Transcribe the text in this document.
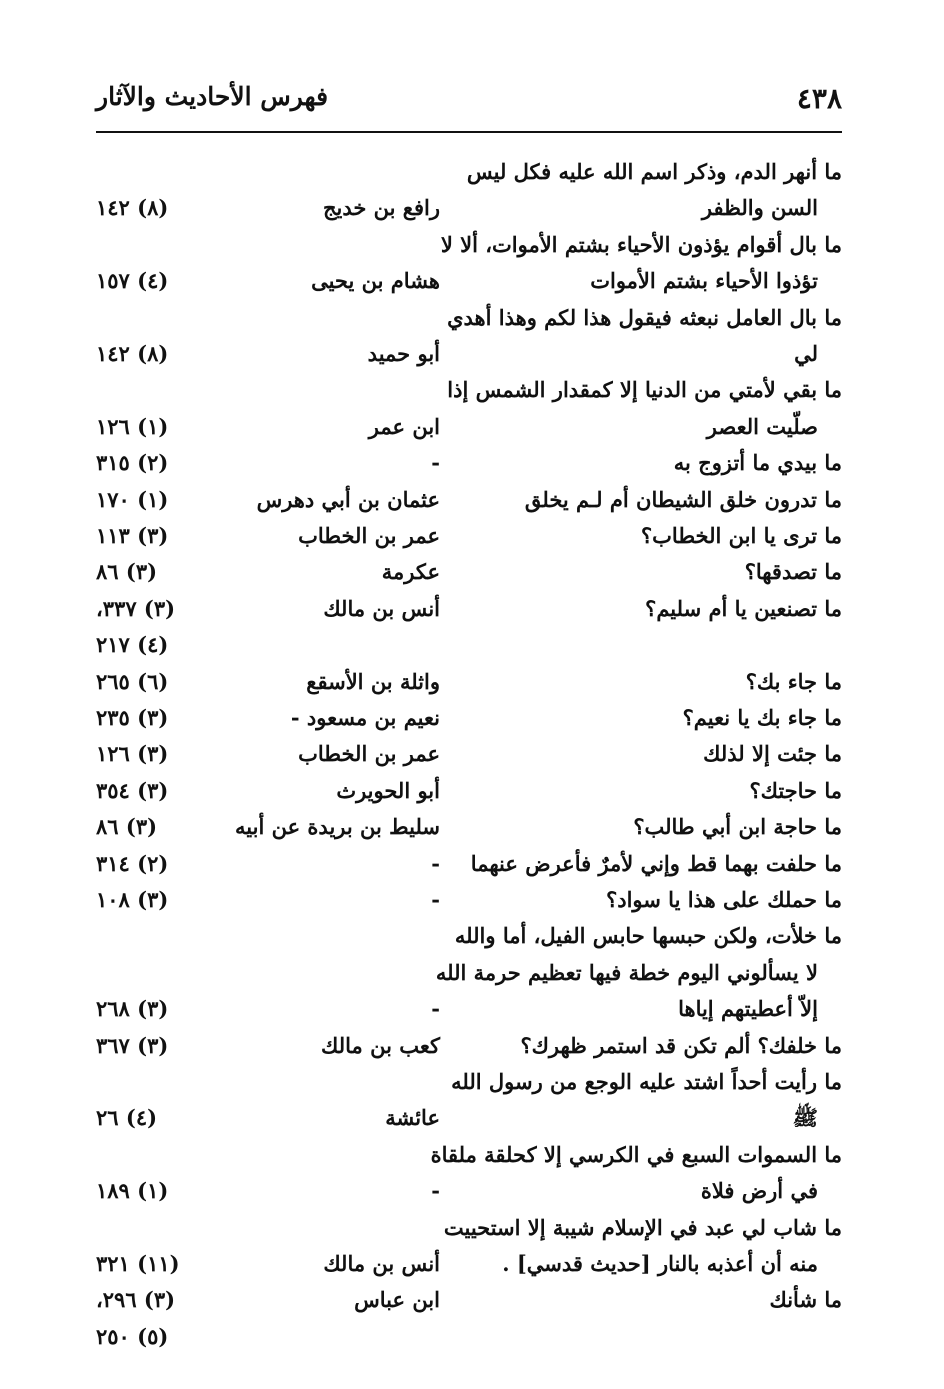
٤٣٨
فهرس الأحاديث والآثار
ما أنهر الدم، وذكر اسم الله عليه فكل ليس
السن والظفر
رافع بن خديج
(٨) ١٤٢
ما بال أقوام يؤذون الأحياء بشتم الأموات، ألا لا
تؤذوا الأحياء بشتم الأموات
هشام بن يحيى
(٤) ١٥٧
ما بال العامل نبعثه فيقول هذا لكم وهذا أهدي
لي
أبو حميد
(٨) ١٤٢
ما بقي لأمتي من الدنيا إلا كمقدار الشمس إذا
صلّيت العصر
ابن عمر
(١) ١٢٦
ما بيدي ما أتزوج به
-
(٢) ٣١٥
ما تدرون خلق الشيطان أم لـم يخلق
عثمان بن أبي دهرس
(١) ١٧٠
ما ترى يا ابن الخطاب؟
عمر بن الخطاب
(٣) ١١٣
ما تصدقها؟
عكرمة
(٣) ٨٦
ما تصنعين يا أم سليم؟
أنس بن مالك
(٣) ٣٣٧،
(٤) ٢١٧
ما جاء بك؟
واثلة بن الأسقع
(٦) ٢٦٥
ما جاء بك يا نعيم؟
نعيم بن مسعود -
(٣) ٢٣٥
ما جئت إلا لذلك
عمر بن الخطاب
(٣) ١٢٦
ما حاجتك؟
أبو الحويرث
(٣) ٣٥٤
ما حاجة ابن أبي طالب؟
سليط بن بريدة عن أبيه
(٣) ٨٦
ما حلفت بهما قط وإني لأمرٌ فأعرض عنهما
-
(٢) ٣١٤
ما حملك على هذا يا سواد؟
-
(٣) ١٠٨
ما خلأت، ولكن حبسها حابس الفيل، أما والله
لا يسألوني اليوم خطة فيها تعظيم حرمة الله
إلاّ أعطيتهم إياها
-
(٣) ٢٦٨
ما خلفك؟ ألم تكن قد استمر ظهرك؟
كعب بن مالك
(٣) ٣٦٧
ما رأيت أحداً اشتد عليه الوجع من رسول الله
ﷺ
عائشة
(٤) ٢٦
ما السموات السبع في الكرسي إلا كحلقة ملقاة
في أرض فلاة
-
(١) ١٨٩
ما شاب لي عبد في الإسلام شيبة إلا استحييت
منه أن أعذبه بالنار [حديث قدسي] .
أنس بن مالك
(١١) ٣٢١
ما شأنك
ابن عباس
(٣) ٢٩٦،
(٥) ٢٥٠
